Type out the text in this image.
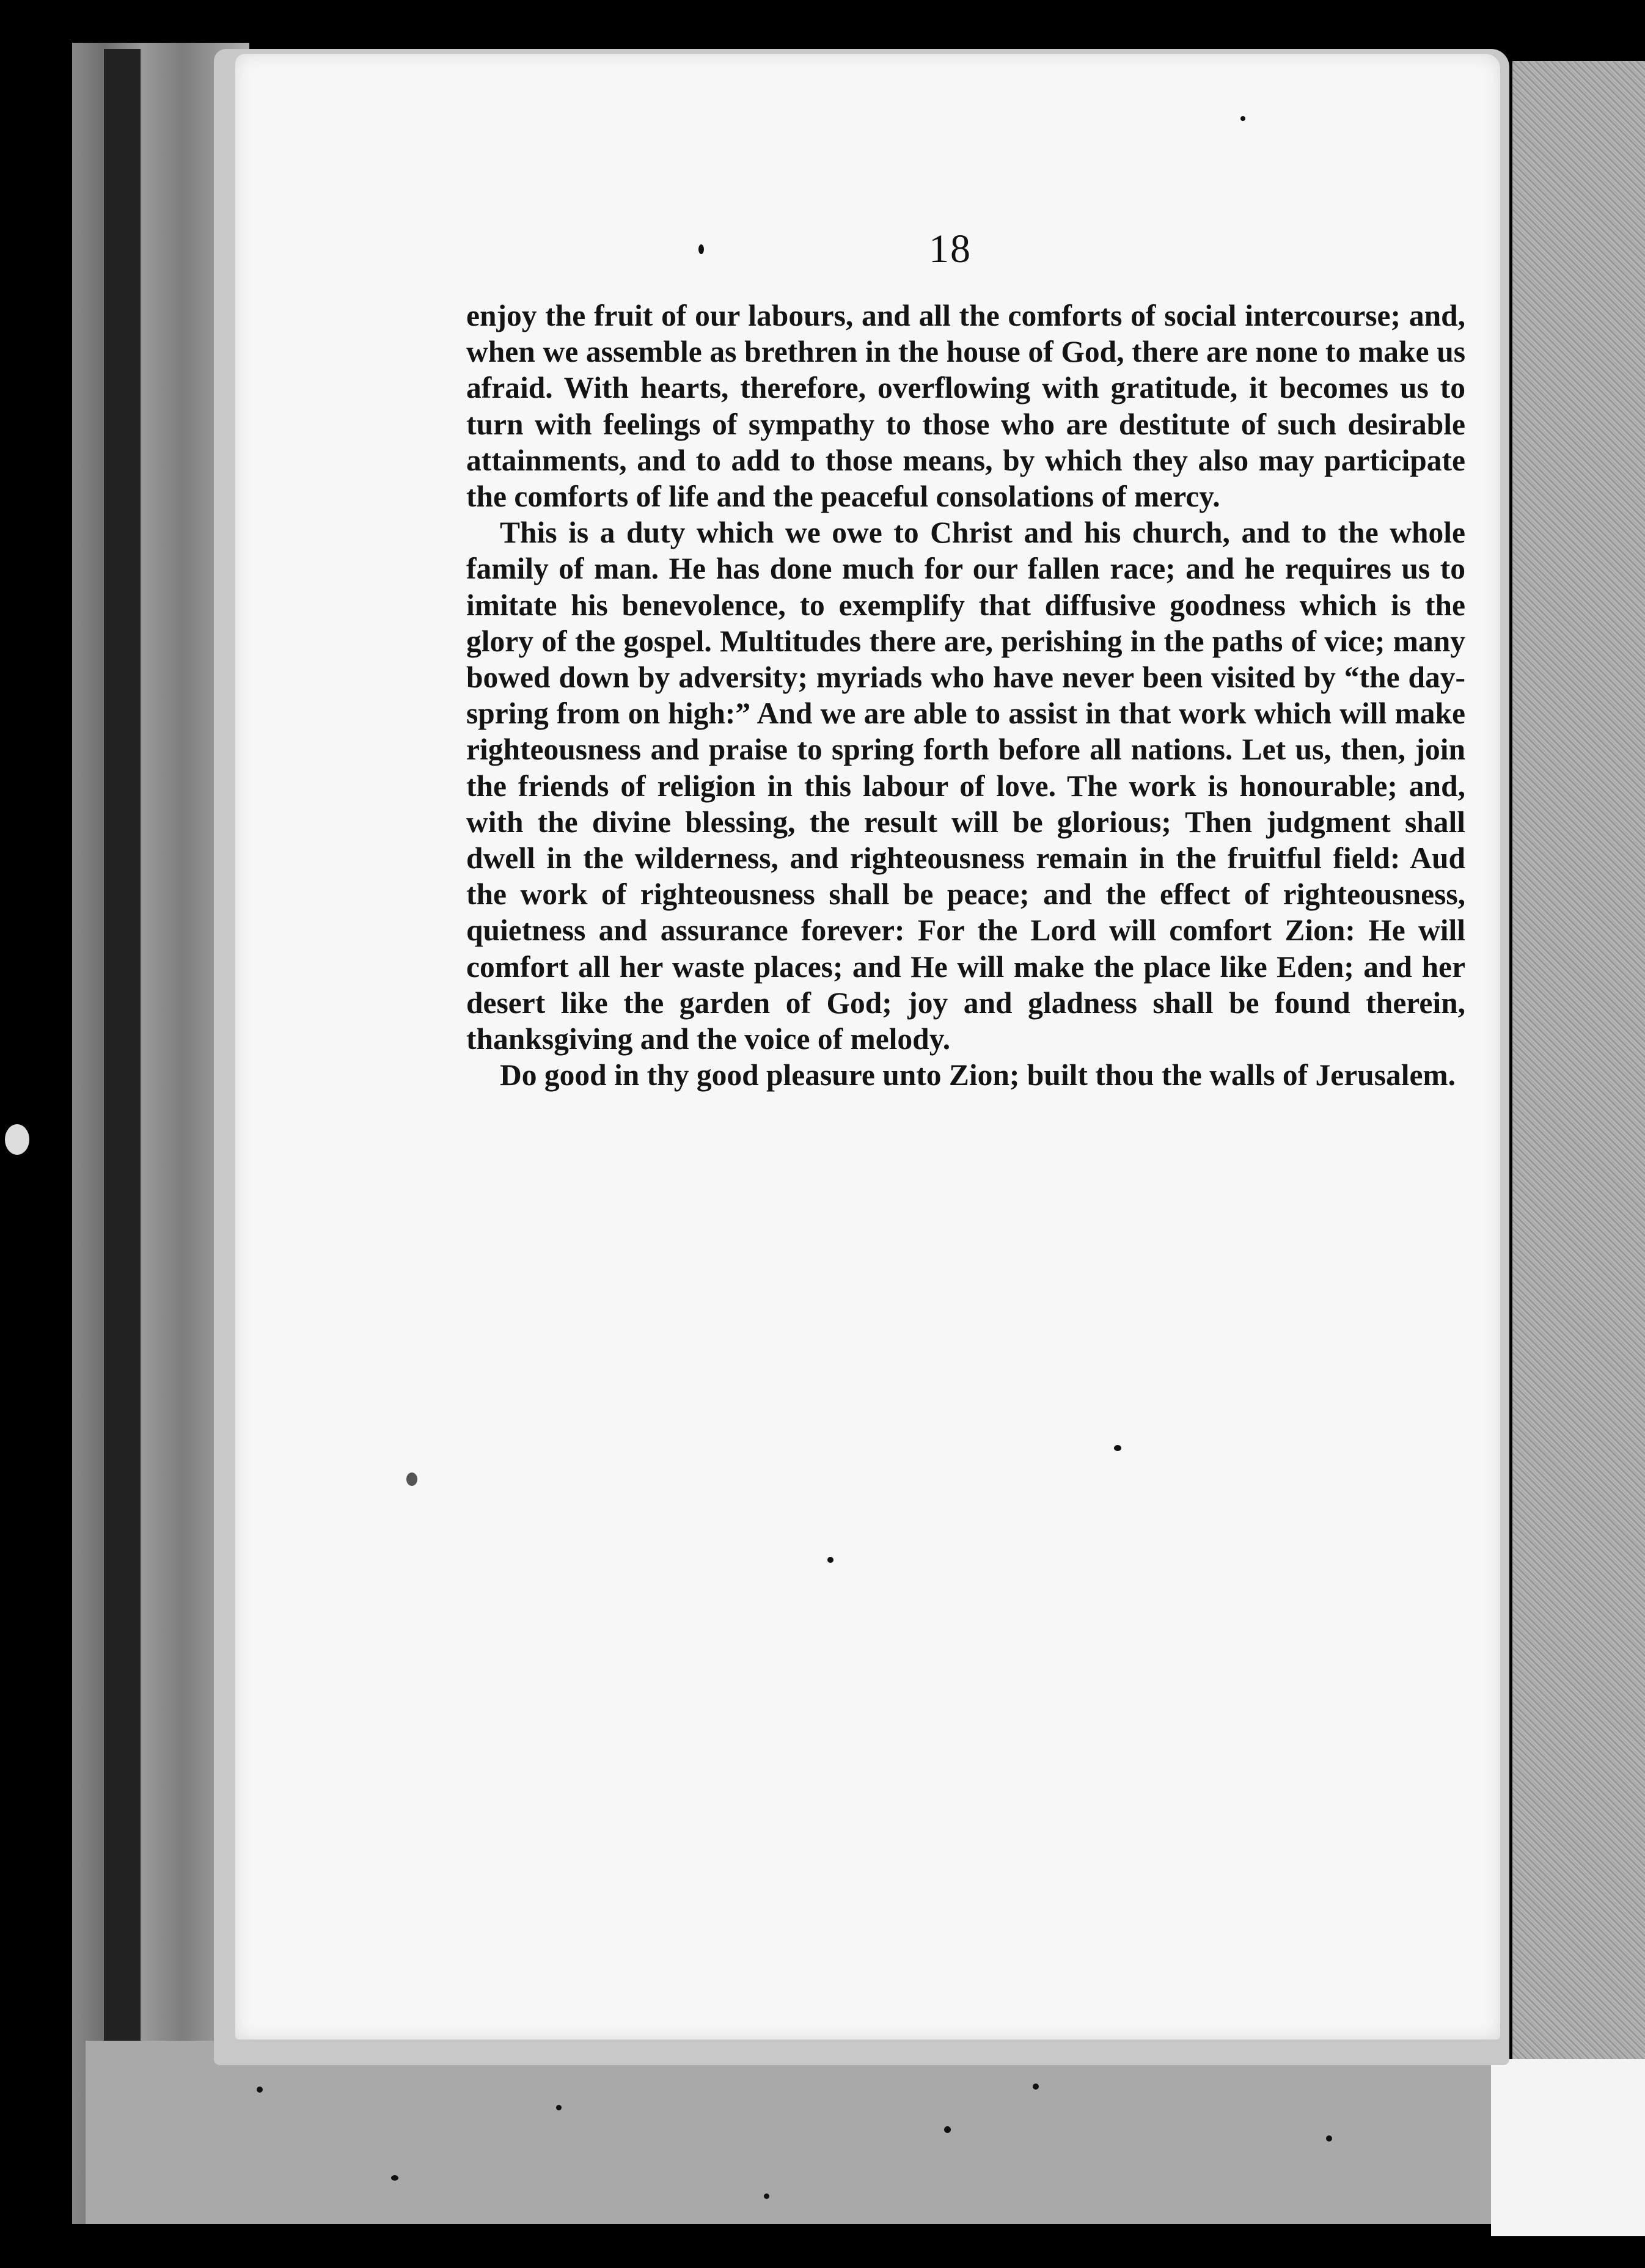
18

enjoy the fruit of our labours, and all the comforts of social intercourse; and, when we assemble as brethren in the house of God, there are none to make us afraid. With hearts, therefore, overflowing with gratitude, it becomes us to turn with feelings of sympathy to those who are destitute of such desirable attainments, and to add to those means, by which they also may participate the comforts of life and the peaceful consolations of mercy.

This is a duty which we owe to Christ and his church, and to the whole family of man. He has done much for our fallen race; and he requires us to imitate his benevolence, to exemplify that diffusive goodness which is the glory of the gospel. Multitudes there are, perishing in the paths of vice; many bowed down by adversity; myriads who have never been visited by “the day-spring from on high:” And we are able to assist in that work which will make righteousness and praise to spring forth before all nations. Let us, then, join the friends of religion in this labour of love. The work is honourable; and, with the divine blessing, the result will be glorious; Then judgment shall dwell in the wilderness, and righteousness remain in the fruitful field: Aud the work of righteousness shall be peace; and the effect of righteousness, quietness and assurance forever: For the Lord will comfort Zion: He will comfort all her waste places; and He will make the place like Eden; and her desert like the garden of God; joy and gladness shall be found therein, thanksgiving and the voice of melody.

Do good in thy good pleasure unto Zion; built thou the walls of Jerusalem.
